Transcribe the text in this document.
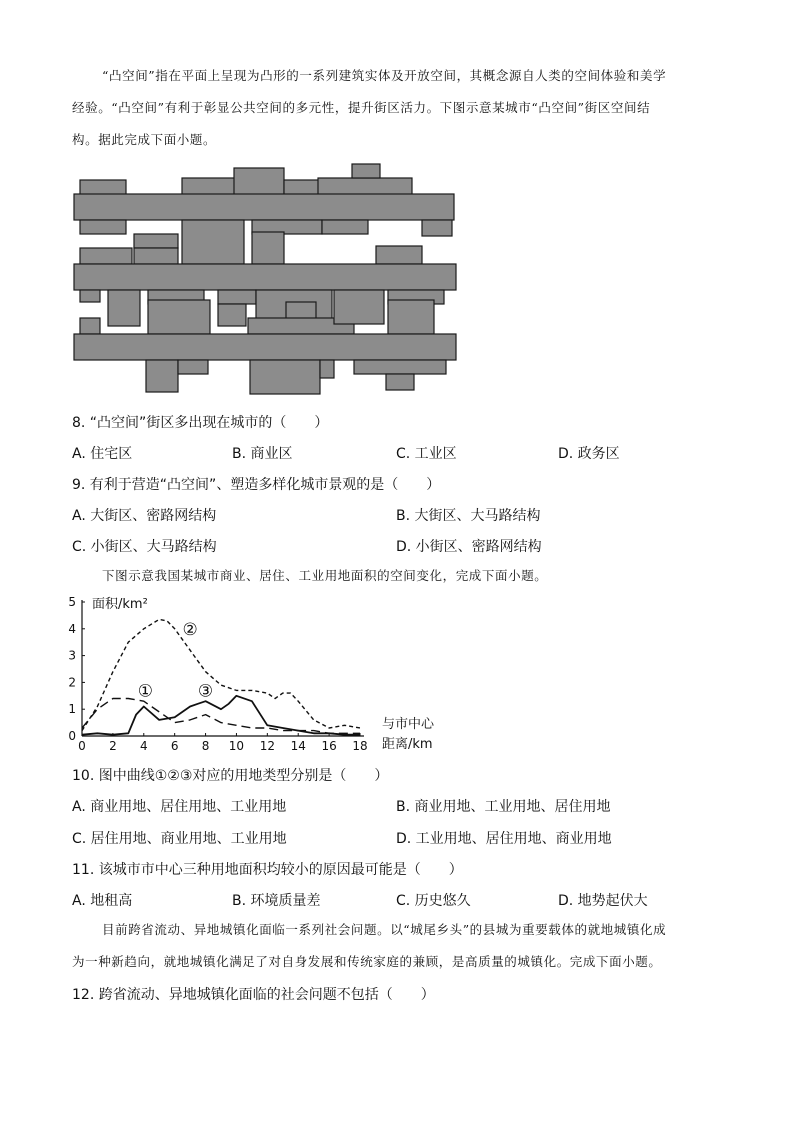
“凸空间”指在平面上呈现为凸形的一系列建筑实体及开放空间，其概念源自人类的空间体验和美学
经验。“凸空间”有利于彰显公共空间的多元性，提升街区活力。下图示意某城市“凸空间”街区空间结
构。据此完成下面小题。
8. “凸空间”街区多出现在城市的（　　）
A. 住宅区	B. 商业区	C. 工业区	D. 政务区
9. 有利于营造“凸空间”、塑造多样化城市景观的是（　　）
A. 大街区、密路网结构	B. 大街区、大马路结构
C. 小街区、大马路结构	D. 小街区、密路网结构
下图示意我国某城市商业、居住、工业用地面积的空间变化，完成下面小题。
0 2 4 6 8 10 12 14 16 18
0
1
2
3
4
5 面积/km²
与市中心
距离/km
①
②
③
10. 图中曲线①②③对应的用地类型分别是（　　）
A. 商业用地、居住用地、工业用地	B. 商业用地、工业用地、居住用地
C. 居住用地、商业用地、工业用地	D. 工业用地、居住用地、商业用地
11. 该城市市中心三种用地面积均较小的原因最可能是（　　）
A. 地租高	B. 环境质量差	C. 历史悠久	D. 地势起伏大
目前跨省流动、异地城镇化面临一系列社会问题。以“城尾乡头”的县城为重要载体的就地城镇化成
为一种新趋向，就地城镇化满足了对自身发展和传统家庭的兼顾，是高质量的城镇化。完成下面小题。
12. 跨省流动、异地城镇化面临的社会问题不包括（　　）
